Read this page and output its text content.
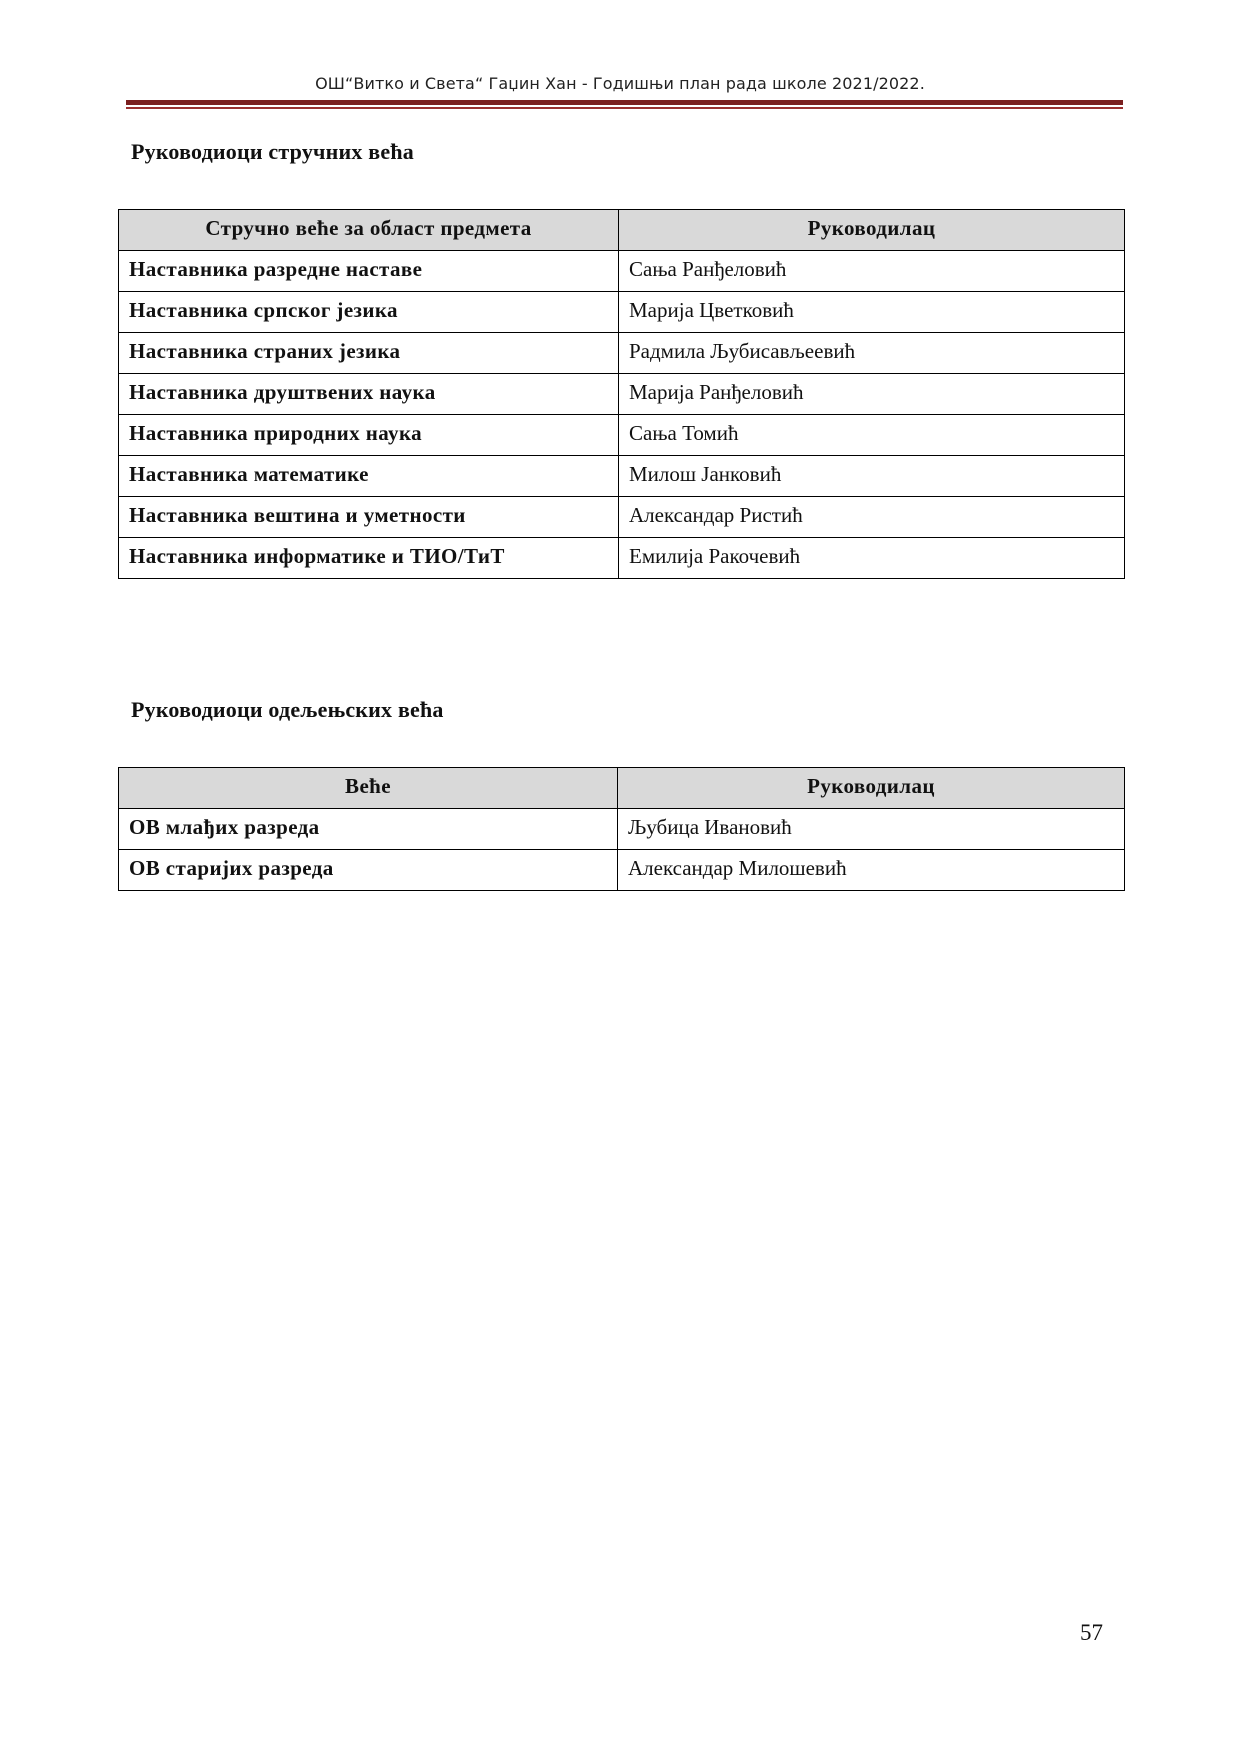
ОШ“Витко и Света“ Гаџин Хан - Годишњи план рада школе 2021/2022.
Руководиоци стручних већа
Стручно веће за област предмета	Руководилац
Наставника разредне наставе	Сања Ранђеловић
Наставника српског језика	Марија Цветковић
Наставника страних језика	Радмила Љубисављеевић
Наставника друштвених наука	Марија Ранђеловић
Наставника природних наука	Сања Томић
Наставника математике	Милош Јанковић
Наставника вештина и уметности	Александар Ристић
Наставника информатике и ТИО/ТиТ	Емилија Ракочевић
Руководиоци одељењских већа
Веће	Руководилац
ОВ млађих разреда	Љубица Ивановић
ОВ старијих разреда	Александар Милошевић
57
